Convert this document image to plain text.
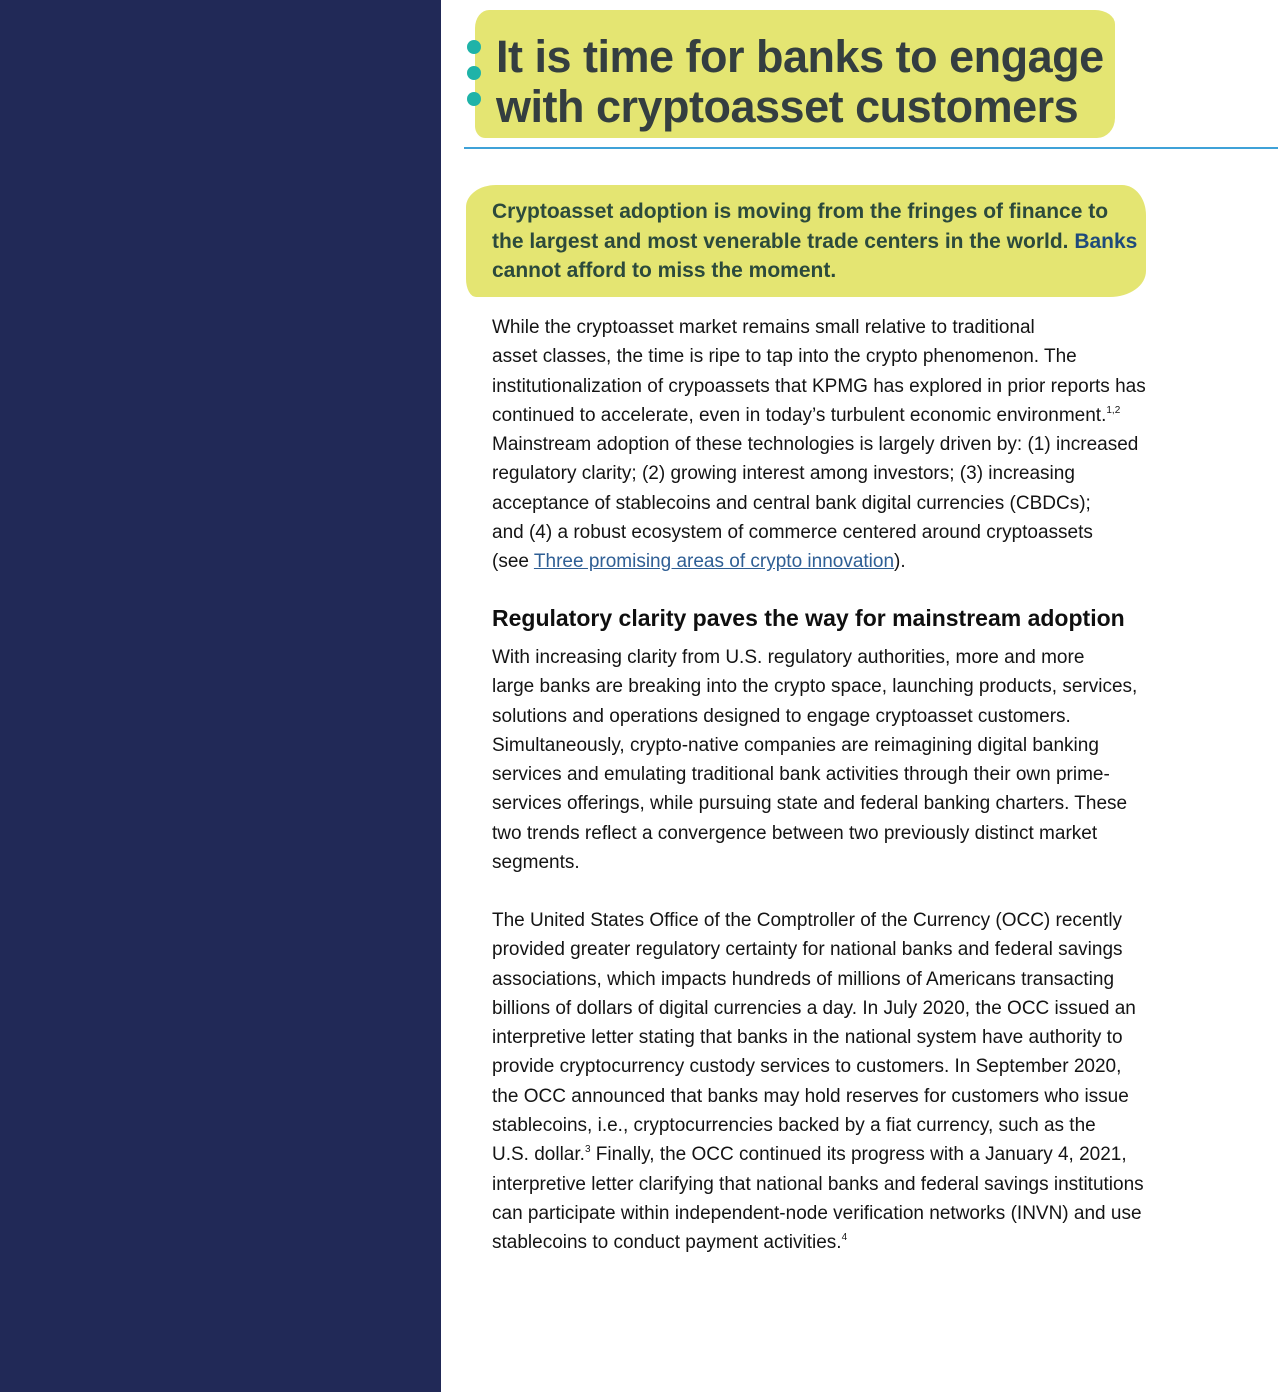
It is time for banks to engage
with cryptoasset customers

Cryptoasset adoption is moving from the fringes of finance to
the largest and most venerable trade centers in the world. Banks
cannot afford to miss the moment.

While the cryptoasset market remains small relative to traditional
asset classes, the time is ripe to tap into the crypto phenomenon. The
institutionalization of crypoassets that KPMG has explored in prior reports has
continued to accelerate, even in today’s turbulent economic environment.$^{1,2}$
Mainstream adoption of these technologies is largely driven by: (1) increased
regulatory clarity; (2) growing interest among investors; (3) increasing
acceptance of stablecoins and central bank digital currencies (CBDCs);
and (4) a robust ecosystem of commerce centered around cryptoassets
(see Three promising areas of crypto innovation).

Regulatory clarity paves the way for mainstream adoption

With increasing clarity from U.S. regulatory authorities, more and more
large banks are breaking into the crypto space, launching products, services,
solutions and operations designed to engage cryptoasset customers.
Simultaneously, crypto-native companies are reimagining digital banking
services and emulating traditional bank activities through their own prime-
services offerings, while pursuing state and federal banking charters. These
two trends reflect a convergence between two previously distinct market
segments.

The United States Office of the Comptroller of the Currency (OCC) recently
provided greater regulatory certainty for national banks and federal savings
associations, which impacts hundreds of millions of Americans transacting
billions of dollars of digital currencies a day. In July 2020, the OCC issued an
interpretive letter stating that banks in the national system have authority to
provide cryptocurrency custody services to customers. In September 2020,
the OCC announced that banks may hold reserves for customers who issue
stablecoins, i.e., cryptocurrencies backed by a fiat currency, such as the
U.S. dollar.$^3$ Finally, the OCC continued its progress with a January 4, 2021,
interpretive letter clarifying that national banks and federal savings institutions
can participate within independent-node verification networks (INVN) and use
stablecoins to conduct payment activities.$^4$
